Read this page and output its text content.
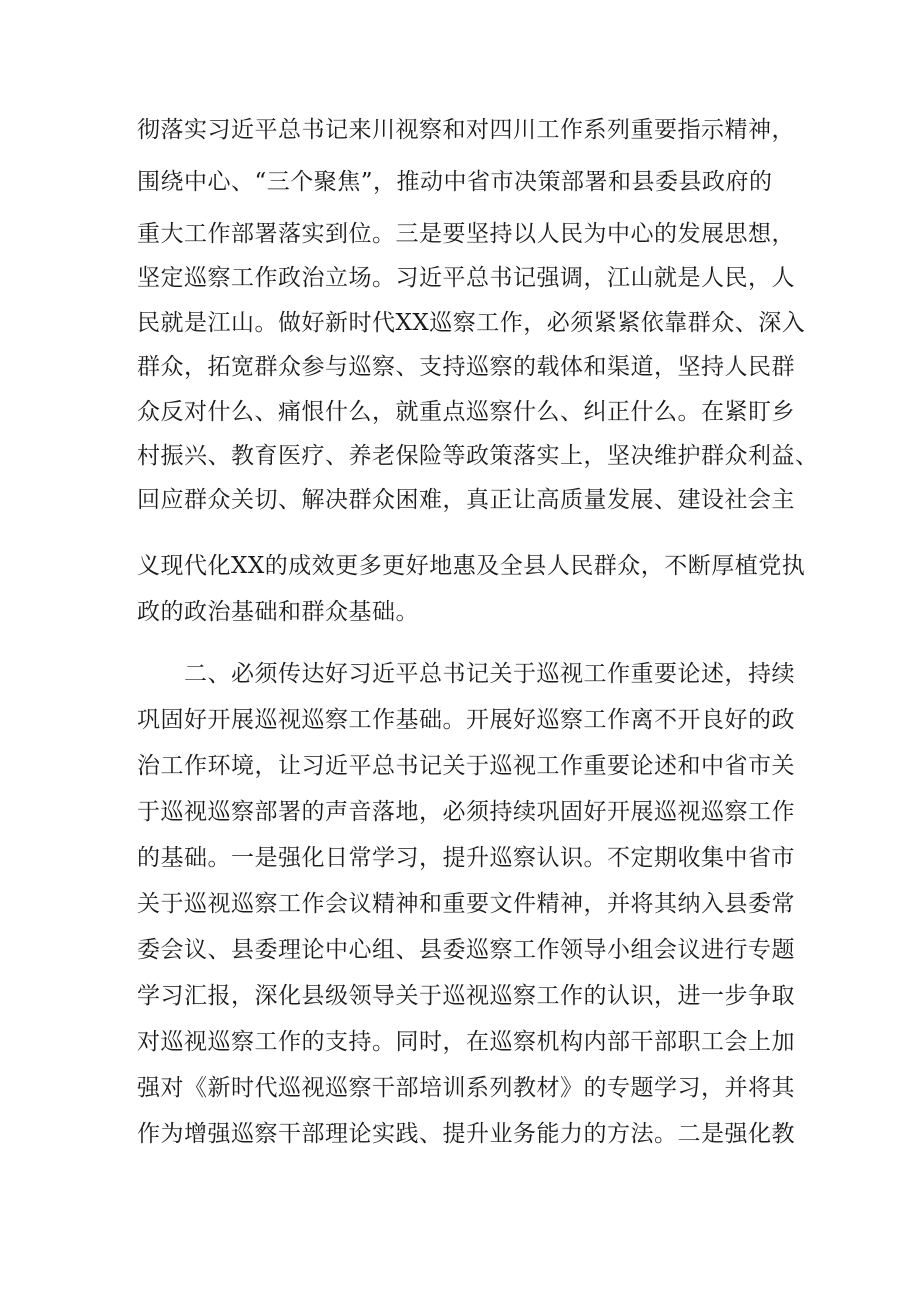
彻落实习近平总书记来川视察和对四川工作系列重要指示精神，
围绕中心、“三个聚焦”，推动中省市决策部署和县委县政府的
重大工作部署落实到位。三是要坚持以人民为中心的发展思想，
坚定巡察工作政治立场。习近平总书记强调，江山就是人民，人
民就是江山。做好新时代XX巡察工作，必须紧紧依靠群众、深入
群众，拓宽群众参与巡察、支持巡察的载体和渠道，坚持人民群
众反对什么、痛恨什么，就重点巡察什么、纠正什么。在紧盯乡
村振兴、教育医疗、养老保险等政策落实上，坚决维护群众利益、
回应群众关切、解决群众困难，真正让高质量发展、建设社会主
义现代化XX的成效更多更好地惠及全县人民群众，不断厚植党执
政的政治基础和群众基础。
二、必须传达好习近平总书记关于巡视工作重要论述，持续
巩固好开展巡视巡察工作基础。开展好巡察工作离不开良好的政
治工作环境，让习近平总书记关于巡视工作重要论述和中省市关
于巡视巡察部署的声音落地，必须持续巩固好开展巡视巡察工作
的基础。一是强化日常学习，提升巡察认识。不定期收集中省市
关于巡视巡察工作会议精神和重要文件精神，并将其纳入县委常
委会议、县委理论中心组、县委巡察工作领导小组会议进行专题
学习汇报，深化县级领导关于巡视巡察工作的认识，进一步争取
对巡视巡察工作的支持。同时，在巡察机构内部干部职工会上加
强对《新时代巡视巡察干部培训系列教材》的专题学习，并将其
作为增强巡察干部理论实践、提升业务能力的方法。二是强化教
